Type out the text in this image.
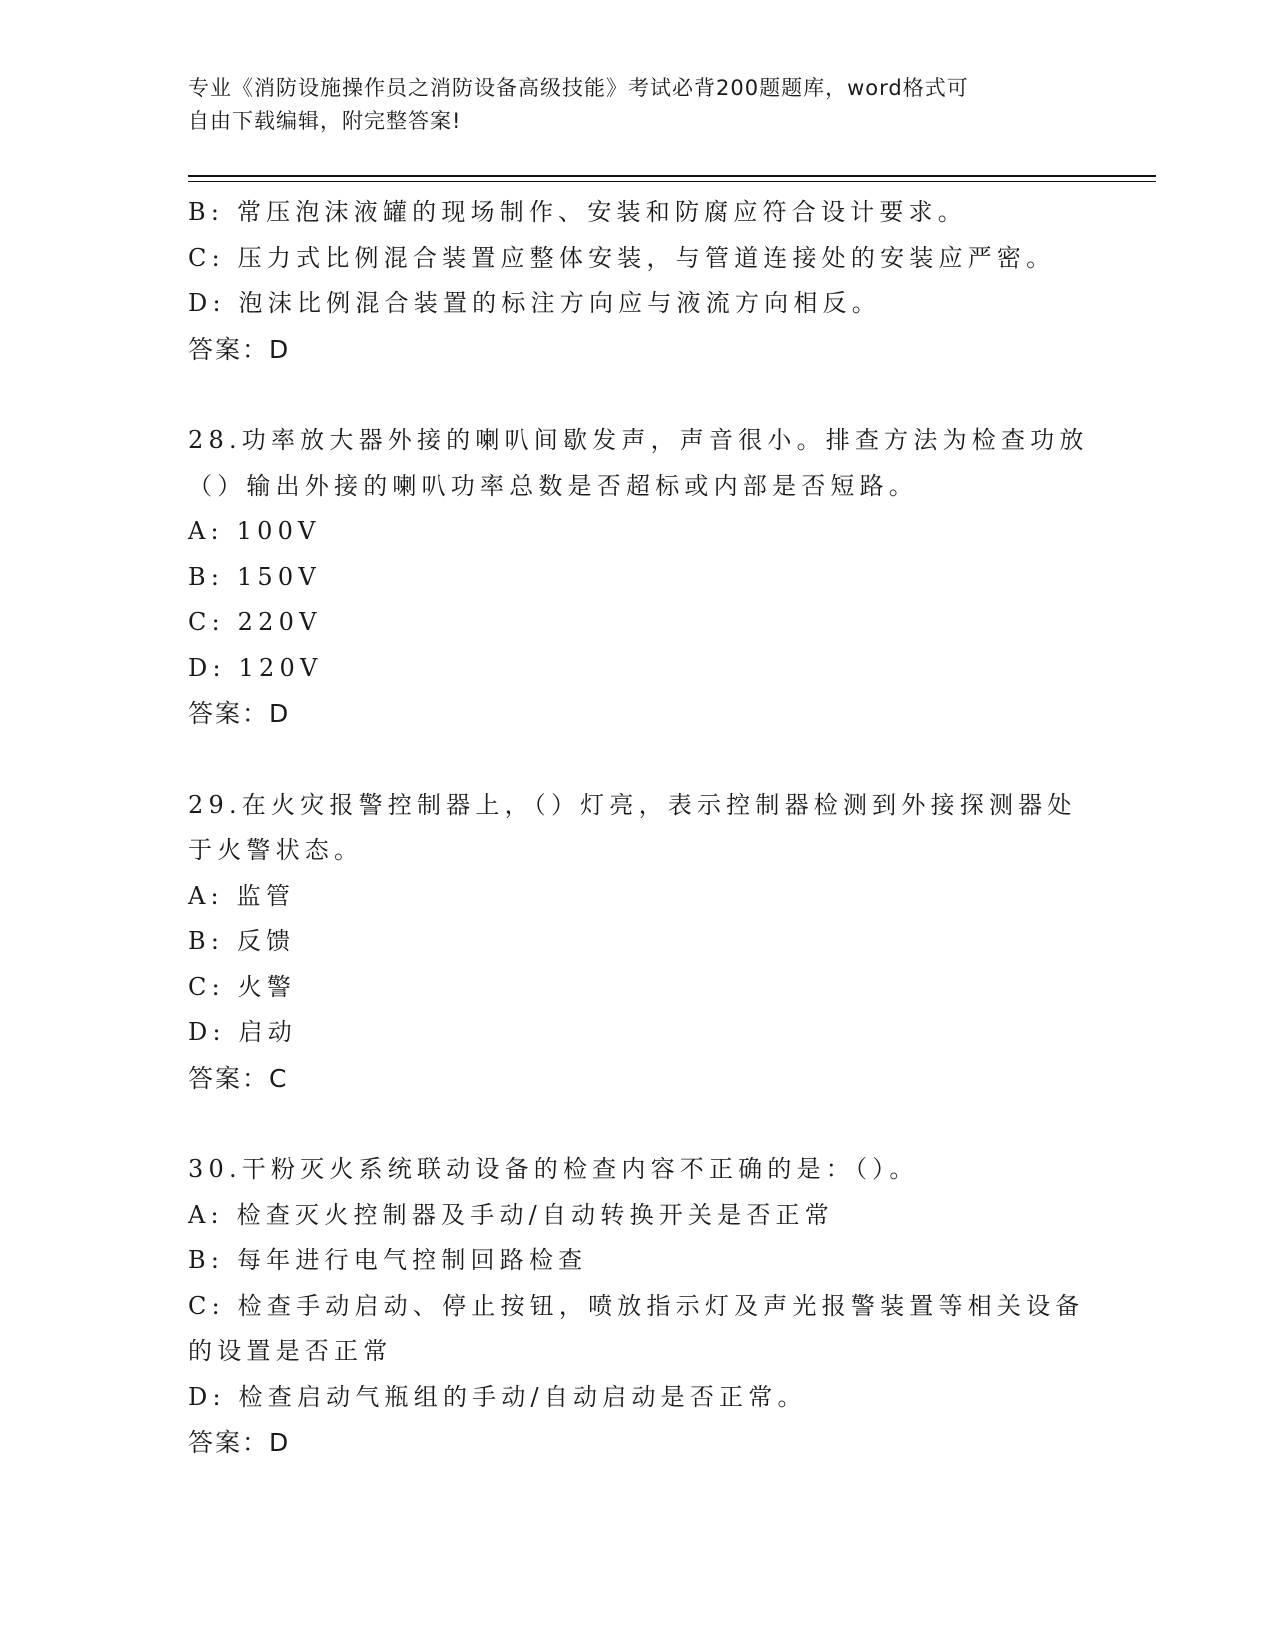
专业《消防设施操作员之消防设备高级技能》考试必背200题题库，word格式可
自由下载编辑，附完整答案!
B: 常压泡沫液罐的现场制作、安装和防腐应符合设计要求。
C: 压力式比例混合装置应整体安装，与管道连接处的安装应严密。
D: 泡沫比例混合装置的标注方向应与液流方向相反。
答案：D
28.功率放大器外接的喇叭间歇发声，声音很小。排查方法为检查功放
（）输出外接的喇叭功率总数是否超标或内部是否短路。
A: 100V
B: 150V
C: 220V
D: 120V
答案：D
29.在火灾报警控制器上，（）灯亮，表示控制器检测到外接探测器处
于火警状态。
A: 监管
B: 反馈
C: 火警
D: 启动
答案：C
30.干粉灭火系统联动设备的检查内容不正确的是：（）。
A: 检查灭火控制器及手动/自动转换开关是否正常
B: 每年进行电气控制回路检查
C: 检查手动启动、停止按钮，喷放指示灯及声光报警装置等相关设备
的设置是否正常
D: 检查启动气瓶组的手动/自动启动是否正常。
答案：D
